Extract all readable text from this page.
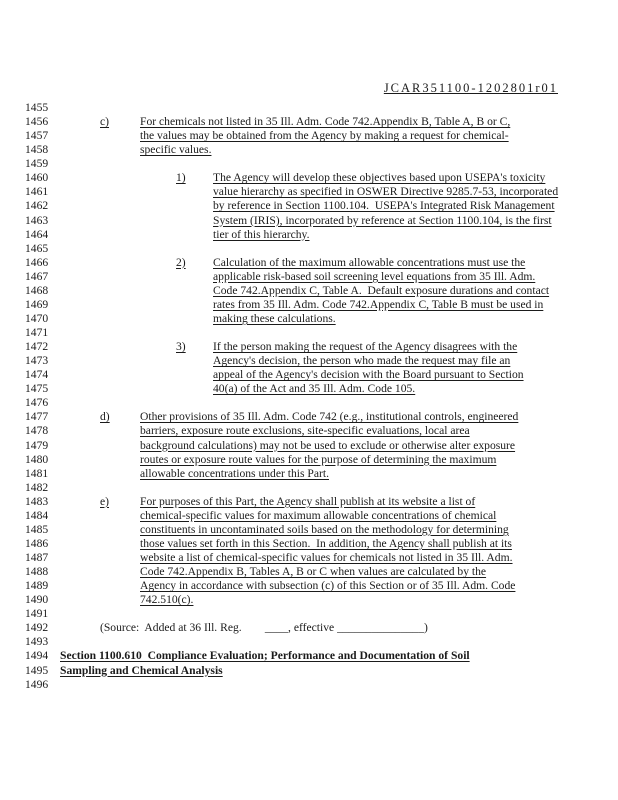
JCAR351100-1202801r01
1455
1456	c)	For chemicals not listed in 35 Ill. Adm. Code 742.Appendix B, Table A, B or C,
1457	the values may be obtained from the Agency by making a request for chemical-
1458	specific values.
1459
1460	1) The Agency will develop these objectives based upon USEPA's toxicity
1461	value hierarchy as specified in OSWER Directive 9285.7-53, incorporated
1462	by reference in Section 1100.104.  USEPA's Integrated Risk Management
1463	System (IRIS), incorporated by reference at Section 1100.104, is the first
1464	tier of this hierarchy.
1465
1466	2) Calculation of the maximum allowable concentrations must use the
1467	applicable risk-based soil screening level equations from 35 Ill. Adm.
1468	Code 742.Appendix C, Table A.  Default exposure durations and contact
1469	rates from 35 Ill. Adm. Code 742.Appendix C, Table B must be used in
1470	making these calculations.
1471
1472	3) If the person making the request of the Agency disagrees with the
1473	Agency's decision, the person who made the request may file an
1474	appeal of the Agency's decision with the Board pursuant to Section
1475	40(a) of the Act and 35 Ill. Adm. Code 105.
1476
1477	d)	Other provisions of 35 Ill. Adm. Code 742 (e.g., institutional controls, engineered
1478	barriers, exposure route exclusions, site-specific evaluations, local area
1479	background calculations) may not be used to exclude or otherwise alter exposure
1480	routes or exposure route values for the purpose of determining the maximum
1481	allowable concentrations under this Part.
1482
1483	e)	For purposes of this Part, the Agency shall publish at its website a list of
1484	chemical-specific values for maximum allowable concentrations of chemical
1485	constituents in uncontaminated soils based on the methodology for determining
1486	those values set forth in this Section.  In addition, the Agency shall publish at its
1487	website a list of chemical-specific values for chemicals not listed in 35 Ill. Adm.
1488	Code 742.Appendix B, Tables A, B or C when values are calculated by the
1489	Agency in accordance with subsection (c) of this Section or of 35 Ill. Adm. Code
1490	742.510(c).
1491
1492	(Source:  Added at 36 Ill. Reg.        ____, effective _______________)
1493
1494 Section 1100.610  Compliance Evaluation; Performance and Documentation of Soil
1495 Sampling and Chemical Analysis
1496
